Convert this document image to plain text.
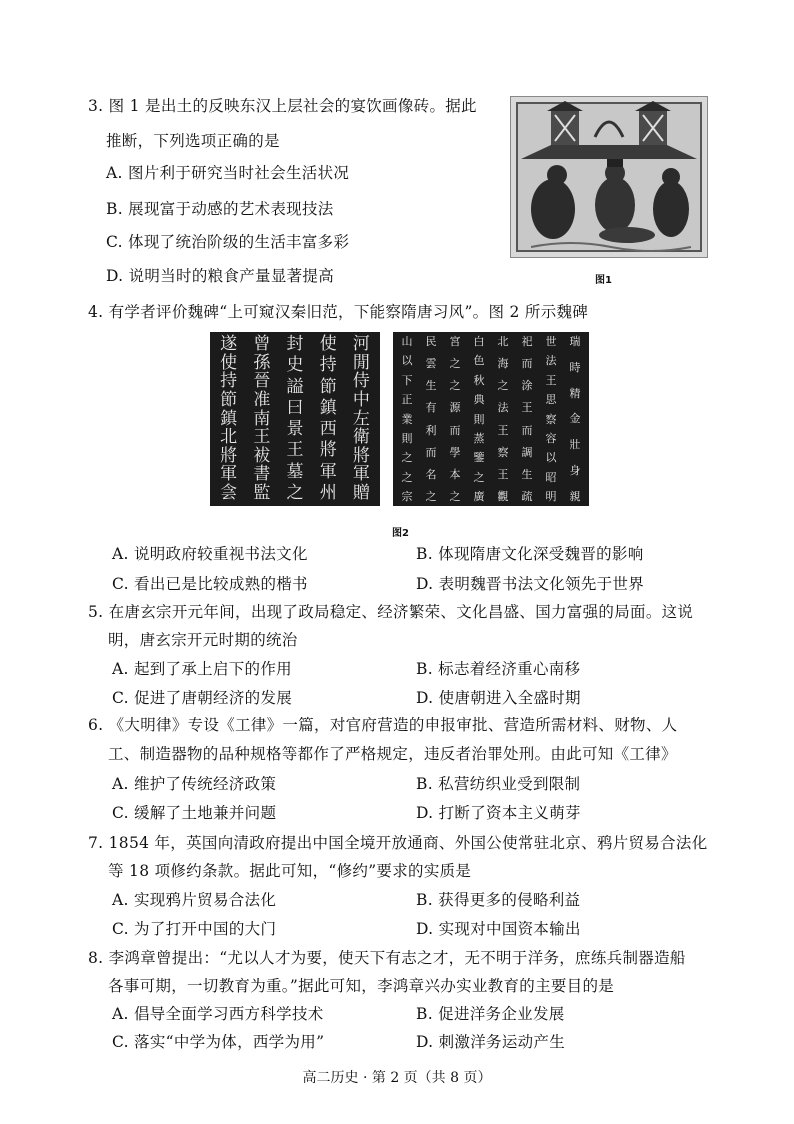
3. 图 1 是出土的反映东汉上层社会的宴饮画像砖。据此
推断，下列选项正确的是
A. 图片利于研究当时社会生活状况
B. 展现富于动感的艺术表现技法
C. 体现了统治阶级的生活丰富多彩
D. 说明当时的粮食产量显著提高	图1
4. 有学者评价魏碑“上可窥汉秦旧范，下能察隋唐习风”。图 2 所示魏碑
河
閒
侍
中
左
衛
將
軍
贈
使
持
節
鎮
西
將
軍
州
封
史
謚
曰
景
王
墓
之
曾
孫
晉
准
南
王
袚
書
監
遂
使
持
節
鎮
北
將
軍
侌
瑞
時
精
金
壯
身
親
世
法
王
思
察
容
以
昭
明
祀
而
涂
王
而
調
生
疏
北
海
之
法
王
察
王
觀
白
色
秋
典
則
蒸
鑒
之
廣
宮
之
之
源
而
學
本
之
民
雲
生
有
利
而
名
之
山
以
下
正
業
則
之
之
宗
图2
A. 说明政府较重视书法文化	B. 体现隋唐文化深受魏晋的影响
C. 看出已是比较成熟的楷书	D. 表明魏晋书法文化领先于世界
5. 在唐玄宗开元年间，出现了政局稳定、经济繁荣、文化昌盛、国力富强的局面。这说
明，唐玄宗开元时期的统治
A. 起到了承上启下的作用	B. 标志着经济重心南移
C. 促进了唐朝经济的发展	D. 使唐朝进入全盛时期
6. 《大明律》专设《工律》一篇，对官府营造的申报审批、营造所需材料、财物、人
工、制造器物的品种规格等都作了严格规定，违反者治罪处刑。由此可知《工律》
A. 维护了传统经济政策	B. 私营纺织业受到限制
C. 缓解了土地兼并问题	D. 打断了资本主义萌芽
7. 1854 年，英国向清政府提出中国全境开放通商、外国公使常驻北京、鸦片贸易合法化
等 18 项修约条款。据此可知，“修约”要求的实质是
A. 实现鸦片贸易合法化	B. 获得更多的侵略利益
C. 为了打开中国的大门	D. 实现对中国资本输出
8. 李鸿章曾提出：“尤以人才为要，使天下有志之才，无不明于洋务，庶练兵制器造船
各事可期，一切教育为重。”据此可知，李鸿章兴办实业教育的主要目的是
A. 倡导全面学习西方科学技术	B. 促进洋务企业发展
C. 落实“中学为体，西学为用”	D. 刺激洋务运动产生
高二历史 · 第 2 页（共 8 页）
